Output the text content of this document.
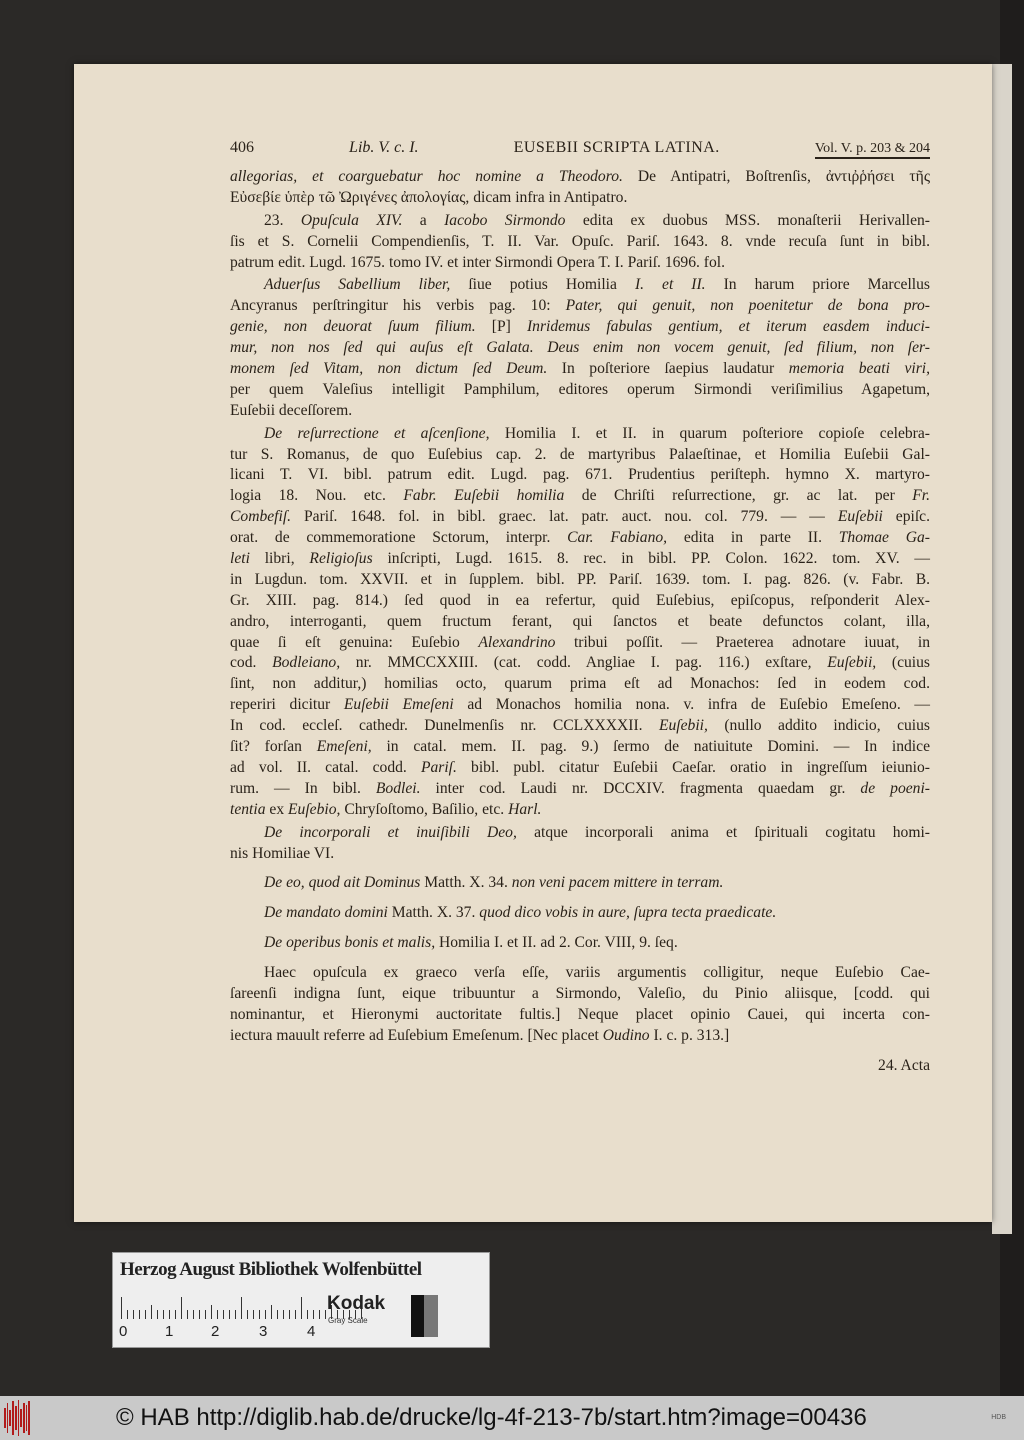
406	Lib. V. c. I.	EUSEBII SCRIPTA LATINA.	Vol. V. p. 203 & 204
allegorias, et coarguebatur hoc nomine a Theodoro. De Antipatri, Boſtrenſis, ἀντιῤῥήσει τῆς
Εὐσεβίε ὑπὲρ τῶ Ὠριγένες ἀπολογίας, dicam infra in Antipatro.
23. Opuſcula XIV. a Iacobo Sirmondo edita ex duobus MSS. monaſterii Herivallen-
ſis et S. Cornelii Compendienſis, T. II. Var. Opuſc. Pariſ. 1643. 8. vnde recuſa ſunt in bibl.
patrum edit. Lugd. 1675. tomo IV. et inter Sirmondi Opera T. I. Pariſ. 1696. fol.
Aduerſus Sabellium liber, ſiue potius Homilia I. et II. In harum priore Marcellus
Ancyranus perſtringitur his verbis pag. 10: Pater, qui genuit, non poenitetur de bona pro-
genie, non deuorat ſuum filium. [P] Inridemus fabulas gentium, et iterum easdem induci-
mur, non nos ſed qui auſus eſt Galata. Deus enim non vocem genuit, ſed filium, non ſer-
monem ſed Vitam, non dictum ſed Deum. In poſteriore ſaepius laudatur memoria beati viri,
per quem Valeſius intelligit Pamphilum, editores operum Sirmondi veriſimilius Agapetum,
Euſebii deceſſorem.
De reſurrectione et aſcenſione, Homilia I. et II. in quarum poſteriore copioſe celebra-
tur S. Romanus, de quo Euſebius cap. 2. de martyribus Palaeſtinae, et Homilia Euſebii Gal-
licani T. VI. bibl. patrum edit. Lugd. pag. 671. Prudentius periſteph. hymno X. martyro-
logia 18. Nou. etc. Fabr. Euſebii homilia de Chriſti reſurrectione, gr. ac lat. per Fr.
Combefiſ. Pariſ. 1648. fol. in bibl. graec. lat. patr. auct. nou. col. 779. — — Euſebii epiſc.
orat. de commemoratione Sctorum, interpr. Car. Fabiano, edita in parte II. Thomae Ga-
leti libri, Religioſus inſcripti, Lugd. 1615. 8. rec. in bibl. PP. Colon. 1622. tom. XV. —
in Lugdun. tom. XXVII. et in ſupplem. bibl. PP. Pariſ. 1639. tom. I. pag. 826. (v. Fabr. B.
Gr. XIII. pag. 814.) ſed quod in ea refertur, quid Euſebius, epiſcopus, reſponderit Alex-
andro, interroganti, quem fructum ferant, qui ſanctos et beate defunctos colant, illa,
quae ſi eſt genuina: Euſebio Alexandrino tribui poſſit. — Praeterea adnotare iuuat, in
cod. Bodleiano, nr. MMCCXXIII. (cat. codd. Angliae I. pag. 116.) exſtare, Euſebii, (cuius
ſint, non additur,) homilias octo, quarum prima eſt ad Monachos: ſed in eodem cod.
reperiri dicitur Euſebii Emeſeni ad Monachos homilia nona. v. infra de Euſebio Emeſeno. —
In cod. eccleſ. cathedr. Dunelmenſis nr. CCLXXXXII. Euſebii, (nullo addito indicio, cuius
ſit? forſan Emeſeni, in catal. mem. II. pag. 9.) ſermo de natiuitute Domini. — In indice
ad vol. II. catal. codd. Pariſ. bibl. publ. citatur Euſebii Caeſar. oratio in ingreſſum ieiunio-
rum. — In bibl. Bodlei. inter cod. Laudi nr. DCCXIV. fragmenta quaedam gr. de poeni-
tentia ex Euſebio, Chryſoſtomo, Baſilio, etc. Harl.
De incorporali et inuiſibili Deo, atque incorporali anima et ſpirituali cogitatu homi-
nis Homiliae VI.
De eo, quod ait Dominus Matth. X. 34. non veni pacem mittere in terram.
De mandato domini Matth. X. 37. quod dico vobis in aure, ſupra tecta praedicate.
De operibus bonis et malis, Homilia I. et II. ad 2. Cor. VIII, 9. ſeq.
Haec opuſcula ex graeco verſa eſſe, variis argumentis colligitur, neque Euſebio Cae-
ſareenſi indigna ſunt, eique tribuuntur a Sirmondo, Valeſio, du Pinio aliisque, [codd. qui
nominantur, et Hieronymi auctoritate fultis.] Neque placet opinio Cauei, qui incerta con-
iectura mauult referre ad Euſebium Emeſenum. [Nec placet Oudino I. c. p. 313.]
24. Acta
Herzog August Bibliothek Wolfenbüttel
0	1	2	3	4
Kodak
Gray Scale
© HAB http://diglib.hab.de/drucke/lg-4f-213-7b/start.htm?image=00436	HDB
